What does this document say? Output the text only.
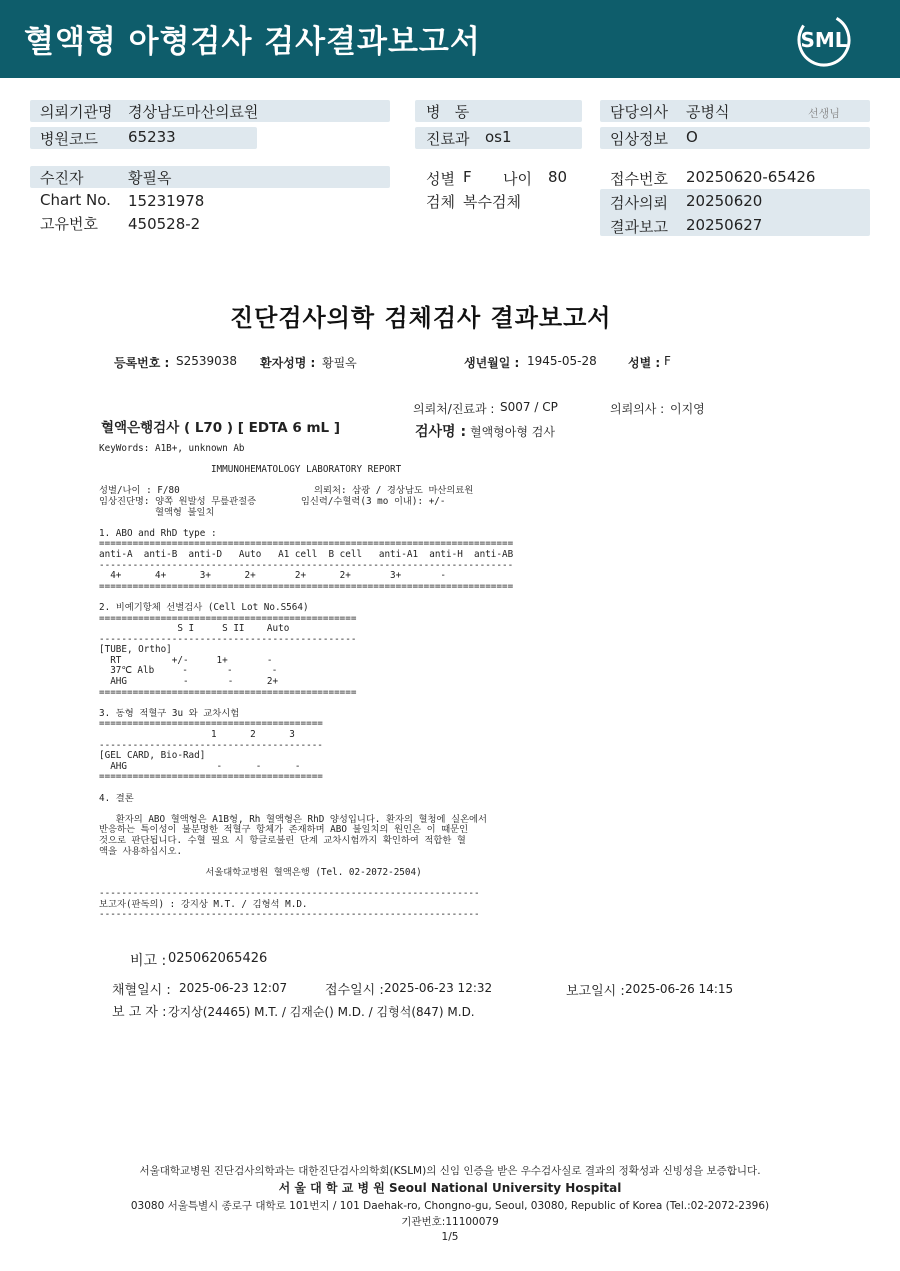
혈액형 아형검사 검사결과보고서	SML
의뢰기관명 경상남도마산의료원
병원코드 65233
병   동
진료과 os1
담당의사 공병식	선생님
임상정보 O
수진자	황필옥
Chart No. 15231978
고유번호 450528-2
성별 F 나이 80
검체 복수검체
접수번호 20250620-65426
검사의뢰 20250620
결과보고 20250627
진단검사의학 검체검사 결과보고서
등록번호 : S2539038 환자성명 : 황필옥	생년월일 : 1945-05-28	성별 : F
의뢰처/진료과 : S007 / CP	의뢰의사 : 이지영
혈액은행검사 ( L70 ) [ EDTA 6 mL ]	검사명 : 혈액형아형 검사
KeyWords: A1B+, unknown Ab

IMMUNOHEMATOLOGY LABORATORY REPORT

성별/나이 : F/80                        의뢰처: 삼광 / 경상남도 마산의료원
임상진단명: 양쪽 원발성 무릎관절증        임신력/수혈력(3 mo 이내): +/-
혈액형 불일치

1. ABO and RhD type :
==========================================================================
anti-A  anti-B  anti-D   Auto   A1 cell  B cell   anti-A1  anti-H  anti-AB
--------------------------------------------------------------------------
4+      4+      3+      2+       2+      2+       3+       -
==========================================================================

2. 비예기항체 선별검사 (Cell Lot No.S564)
==============================================
S I     S II    Auto
----------------------------------------------
[TUBE, Ortho]
RT         +/-     1+       -
37℃ Alb     -       -       -
AHG          -       -      2+
==============================================

3. 동형 적혈구 3u 와 교차시험
========================================
1      2      3
----------------------------------------
[GEL CARD, Bio-Rad]
AHG                -      -      -
========================================

4. 결론

환자의 ABO 혈액형은 A1B형, Rh 혈액형은 RhD 양성입니다. 환자의 혈청에 실온에서
반응하는 특이성이 불분명한 적혈구 항체가 존재하며 ABO 불일치의 원인은 이 때문인
것으로 판단됩니다. 수혈 필요 시 항글로불린 단계 교차시험까지 확인하여 적합한 혈
액을 사용하십시오.

서울대학교병원 혈액은행 (Tel. 02-2072-2504)

--------------------------------------------------------------------
보고자(판독의) : 강지상 M.T. / 김형석 M.D.
--------------------------------------------------------------------
비고 : 025062065426
채혈일시 : 2025-06-23 12:07	접수일시 : 2025-06-23 12:32	보고일시 : 2025-06-26 14:15
보 고 자 : 강지상(24465) M.T. / 김재순() M.D. / 김형석(847) M.D.
서울대학교병원 진단검사의학과는 대한진단검사의학회(KSLM)의 신임 인증을 받은 우수검사실로 결과의 정확성과 신빙성을 보증합니다.
서 울 대 학 교 병 원 Seoul National University Hospital
03080 서울특별시 종로구 대학로 101번지 / 101 Daehak-ro, Chongno-gu, Seoul, 03080, Republic of Korea (Tel.:02-2072-2396)
기관번호:11100079
1/5
